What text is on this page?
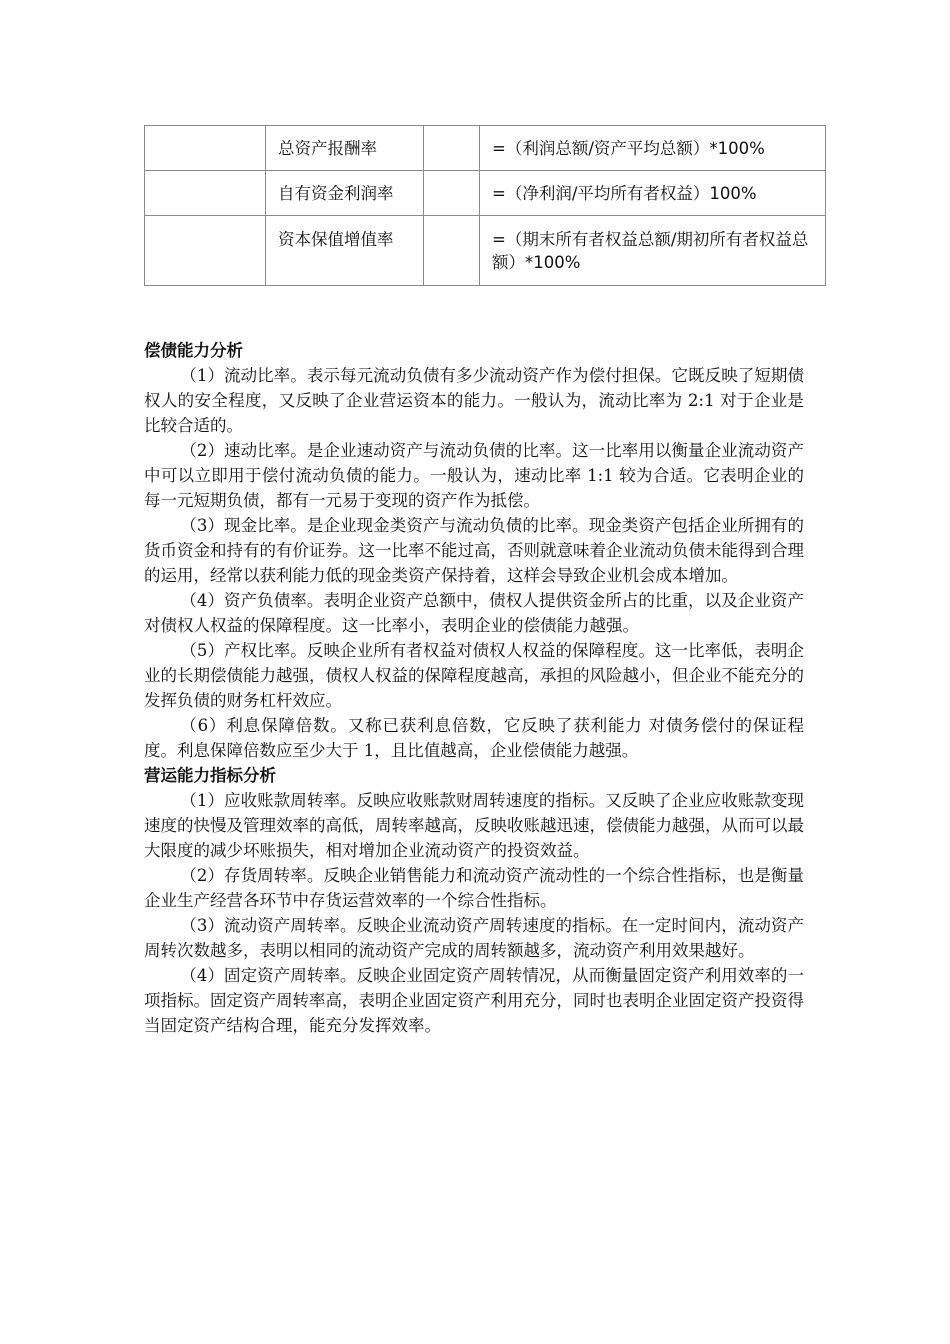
	总资产报酬率		=（利润总额/资产平均总额）*100%
	自有资金利润率		=（净利润/平均所有者权益）100%
	资本保值增值率		=（期末所有者权益总额/期初所有者权益总额）*100%
偿债能力分析

（1）流动比率。表示每元流动负债有多少流动资产作为偿付担保。它既反映了短期债权人的安全程度，又反映了企业营运资本的能力。一般认为，流动比率为 2:1 对于企业是比较合适的。

（2）速动比率。是企业速动资产与流动负债的比率。这一比率用以衡量企业流动资产中可以立即用于偿付流动负债的能力。一般认为，速动比率 1:1 较为合适。它表明企业的每一元短期负债，都有一元易于变现的资产作为抵偿。

（3）现金比率。是企业现金类资产与流动负债的比率。现金类资产包括企业所拥有的货币资金和持有的有价证券。这一比率不能过高，否则就意味着企业流动负债未能得到合理的运用，经常以获利能力低的现金类资产保持着，这样会导致企业机会成本增加。

（4）资产负债率。表明企业资产总额中，债权人提供资金所占的比重，以及企业资产对债权人权益的保障程度。这一比率小，表明企业的偿债能力越强。

（5）产权比率。反映企业所有者权益对债权人权益的保障程度。这一比率低，表明企业的长期偿债能力越强，债权人权益的保障程度越高，承担的风险越小，但企业不能充分的发挥负债的财务杠杆效应。

（6）利息保障倍数。又称已获利息倍数，它反映了获利能力 对债务偿付的保证程度。利息保障倍数应至少大于 1，且比值越高，企业偿债能力越强。

营运能力指标分析

（1）应收账款周转率。反映应收账款财周转速度的指标。又反映了企业应收账款变现速度的快慢及管理效率的高低，周转率越高，反映收账越迅速，偿债能力越强，从而可以最大限度的减少坏账损失，相对增加企业流动资产的投资效益。

（2）存货周转率。反映企业销售能力和流动资产流动性的一个综合性指标，也是衡量企业生产经营各环节中存货运营效率的一个综合性指标。

（3）流动资产周转率。反映企业流动资产周转速度的指标。在一定时间内，流动资产周转次数越多，表明以相同的流动资产完成的周转额越多，流动资产利用效果越好。

（4）固定资产周转率。反映企业固定资产周转情况，从而衡量固定资产利用效率的一项指标。固定资产周转率高，表明企业固定资产利用充分，同时也表明企业固定资产投资得当固定资产结构合理，能充分发挥效率。
